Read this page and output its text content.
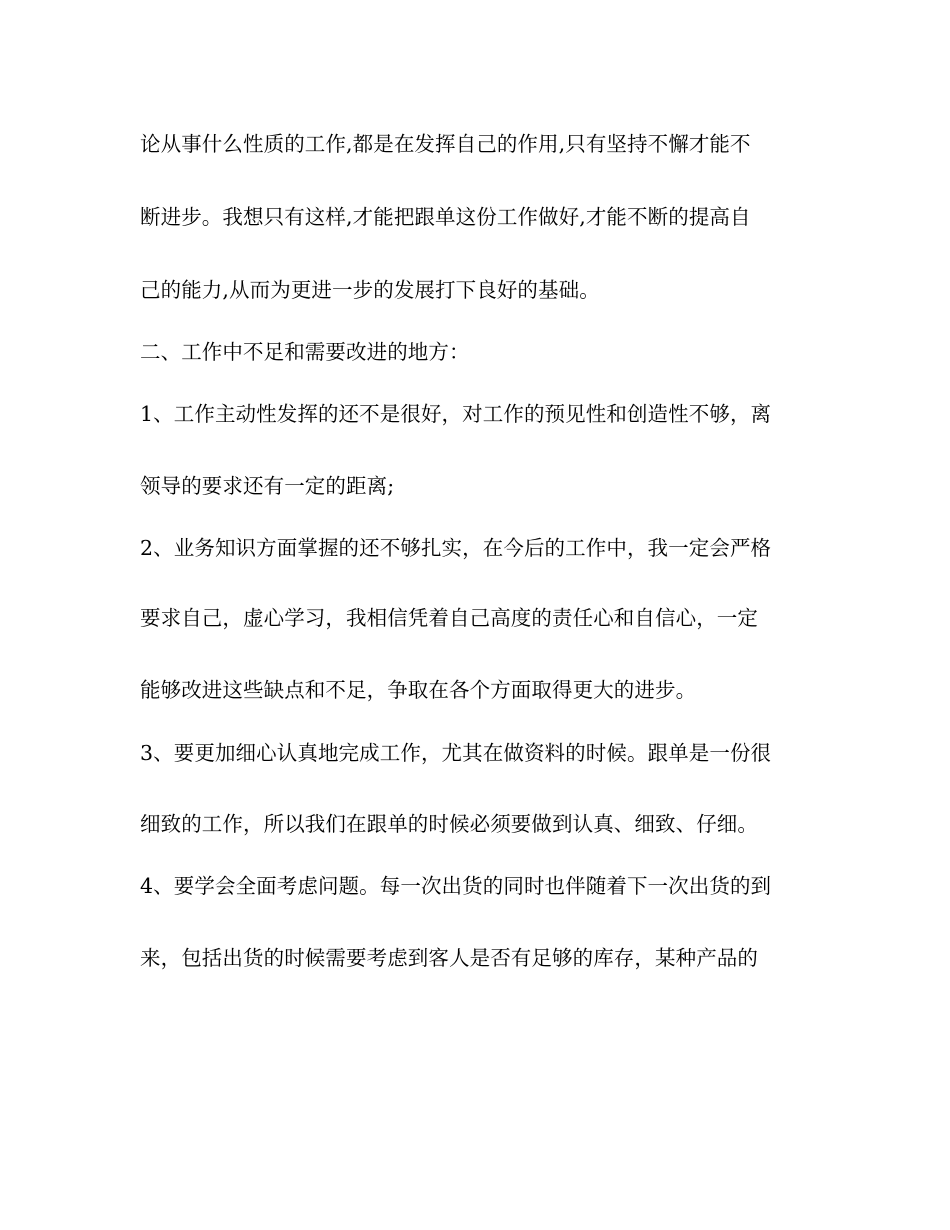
论从事什么性质的工作,都是在发挥自己的作用,只有坚持不懈才能不
断进步。我想只有这样,才能把跟单这份工作做好,才能不断的提高自
己的能力,从而为更进一步的发展打下良好的基础。
二、工作中不足和需要改进的地方：
1、工作主动性发挥的还不是很好，对工作的预见性和创造性不够，离
领导的要求还有一定的距离;
2、业务知识方面掌握的还不够扎实，在今后的工作中，我一定会严格
要求自己，虚心学习，我相信凭着自己高度的责任心和自信心，一定
能够改进这些缺点和不足，争取在各个方面取得更大的进步。
3、要更加细心认真地完成工作，尤其在做资料的时候。跟单是一份很
细致的工作，所以我们在跟单的时候必须要做到认真、细致、仔细。
4、要学会全面考虑问题。每一次出货的同时也伴随着下一次出货的到
来，包括出货的时候需要考虑到客人是否有足够的库存，某种产品的
